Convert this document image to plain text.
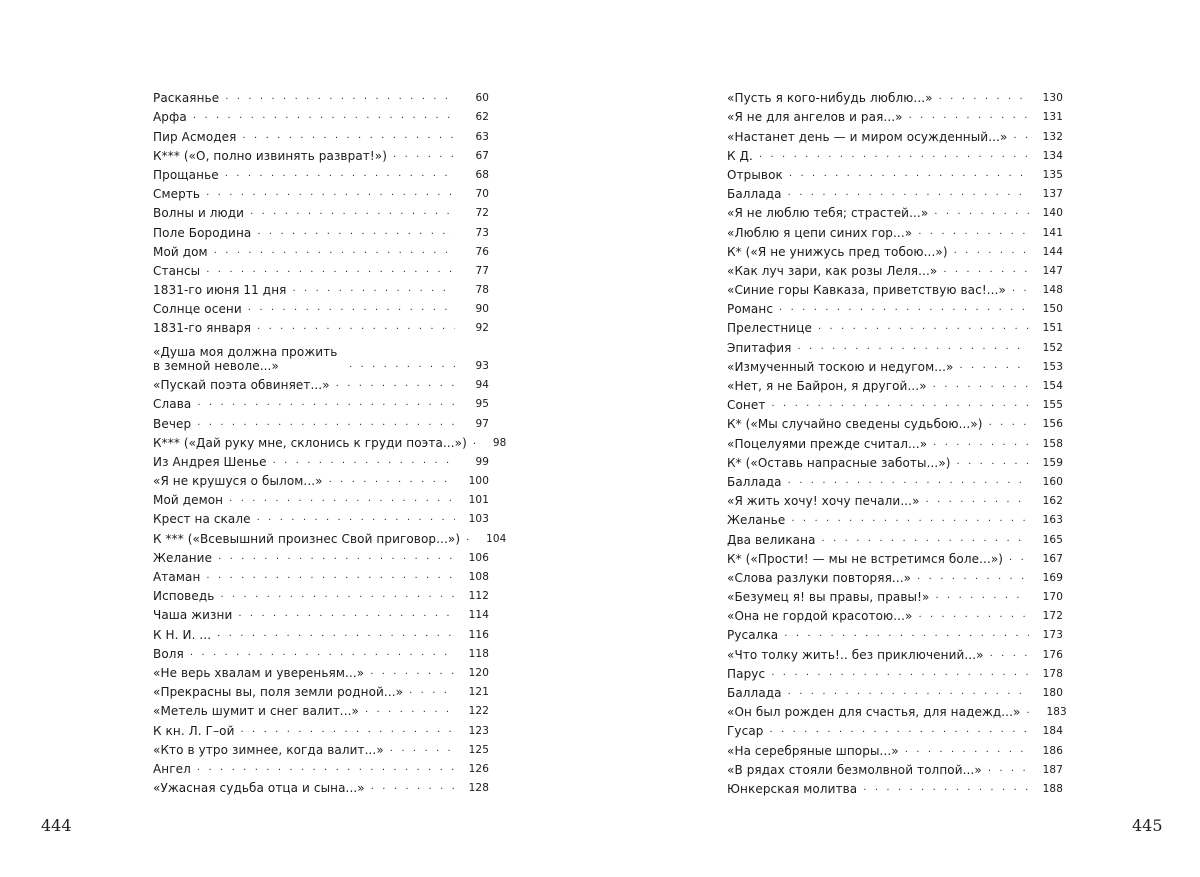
Раскаянье . . .	60
Арфа . . .	62
Пир Асмодея . . .	63
К*** («О, полно извинять разврат!») . . .	67
Прощанье . . .	68
Смерть . . .	70
Волны и люди . . .	72
Поле Бородина . . .	73
Мой дом . . .	76
Стансы . . .	77
1831-го июня 11 дня . . .	78
Солнце осени . . .	90
1831-го января . . .	92
«Душа моя должна прожить в земной неволе...» . . .	93
«Пускай поэта обвиняет...» . . .	94
Слава . . .	95
Вечер . . .	97
К*** («Дай руку мне, склонись к груди поэта...») . . . 98
Из Андрея Шенье . . .	99
«Я не крушуся о былом...» . . .	100
Мой демон . . .	101
Крест на скале . . .	103
К *** («Всевышний произнес Свой приговор...») . . . 104
Желание . . .	106
Атаман . . .	108
Исповедь . . .	112
Чаша жизни . . .	114
К Н. И. ... . . .	116
Воля . . .	118
«Не верь хвалам и увереньям...» . . .	120
«Прекрасны вы, поля земли родной...» . . .	121
«Метель шумит и снег валит...» . . .	122
К кн. Л. Г–ой . . .	123
«Кто в утро зимнее, когда валит...» . . .	125
Ангел . . .	126
«Ужасная судьба отца и сына...» . . .	128
«Пусть я кого-нибудь люблю...» . . .	130
«Я не для ангелов и рая...» . . .	131
«Настанет день — и миром осужденный...» . . .	132
К Д. . . .	134
Отрывок . . .	135
Баллада . . .	137
«Я не люблю тебя; страстей...» . . .	140
«Люблю я цепи синих гор...» . . .	141
К* («Я не унижусь пред тобою...») . . .	144
«Как луч зари, как розы Леля...» . . .	147
«Синие горы Кавказа, приветствую вас!...» . . .	148
Романс . . .	150
Прелестнице . . .	151
Эпитафия . . .	152
«Измученный тоскою и недугом...» . . .	153
«Нет, я не Байрон, я другой...» . . .	154
Сонет . . .	155
К* («Мы случайно сведены судьбою...») . . .	156
«Поцелуями прежде считал...» . . .	158
К* («Оставь напрасные заботы...») . . .	159
Баллада . . .	160
«Я жить хочу! хочу печали...» . . .	162
Желанье . . .	163
Два великана . . .	165
К* («Прости! — мы не встретимся боле...») . . .	167
«Слова разлуки повторяя...» . . .	169
«Безумец я! вы правы, правы!» . . .	170
«Она не гордой красотою...» . . .	172
Русалка . . .	173
«Что толку жить!.. без приключений...» . . .	176
Парус . . .	178
Баллада . . .	180
«Он был рожден для счастья, для надежд...» . . . 183
Гусар . . .	184
«На серебряные шпоры...» . . .	186
«В рядах стояли безмолвной толпой...» . . .	187
Юнкерская молитва . . .	188
444	445
